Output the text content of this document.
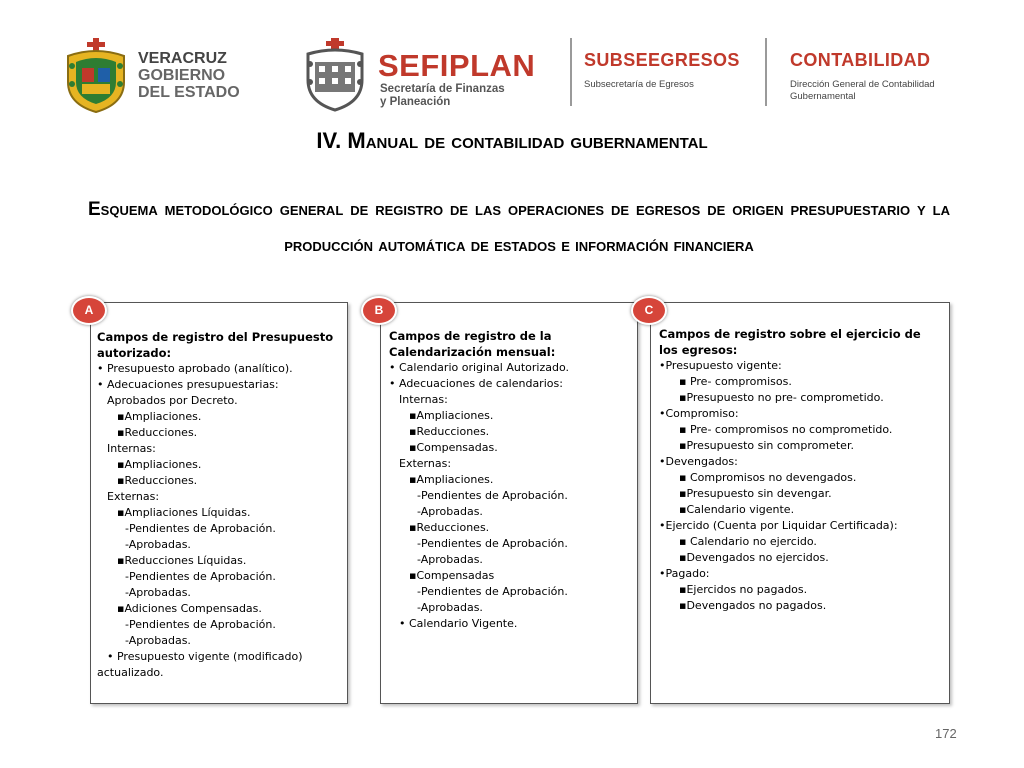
VERACRUZ
GOBIERNO
DEL ESTADO
SEFIPLAN
Secretaría de Finanzas
y Planeación
SUBSEEGRESOS
Subsecretaría de Egresos
CONTABILIDAD
Dirección General de Contabilidad
Gubernamental
IV. Manual de contabilidad gubernamental
Esquema metodológico general de registro de las operaciones de egresos de origen presupuestario y la producción automática de estados e información financiera
A
Campos de registro del Presupuesto
autorizado:
• Presupuesto aprobado (analítico).
• Adecuaciones presupuestarias:
Aprobados por Decreto.
▪Ampliaciones.
▪Reducciones.
Internas:
▪Ampliaciones.
▪Reducciones.
Externas:
▪Ampliaciones Líquidas.
-Pendientes de Aprobación.
-Aprobadas.
▪Reducciones Líquidas.
-Pendientes de Aprobación.
-Aprobadas.
▪Adiciones Compensadas.
-Pendientes de Aprobación.
-Aprobadas.
• Presupuesto vigente (modificado)
actualizado.
B
Campos de registro de la
Calendarización mensual:
• Calendario original Autorizado.
• Adecuaciones de calendarios:
Internas:
▪Ampliaciones.
▪Reducciones.
▪Compensadas.
Externas:
▪Ampliaciones.
-Pendientes de Aprobación.
-Aprobadas.
▪Reducciones.
-Pendientes de Aprobación.
-Aprobadas.
▪Compensadas
-Pendientes de Aprobación.
-Aprobadas.
• Calendario Vigente.
C
Campos de registro sobre el ejercicio de
los egresos:
•Presupuesto vigente:
▪ Pre- compromisos.
▪Presupuesto no pre- comprometido.
•Compromiso:
▪ Pre- compromisos no comprometido.
▪Presupuesto sin comprometer.
•Devengados:
▪ Compromisos no devengados.
▪Presupuesto sin devengar.
▪Calendario vigente.
•Ejercido (Cuenta por Liquidar Certificada):
▪ Calendario no ejercido.
▪Devengados no ejercidos.
•Pagado:
▪Ejercidos no pagados.
▪Devengados no pagados.
172
